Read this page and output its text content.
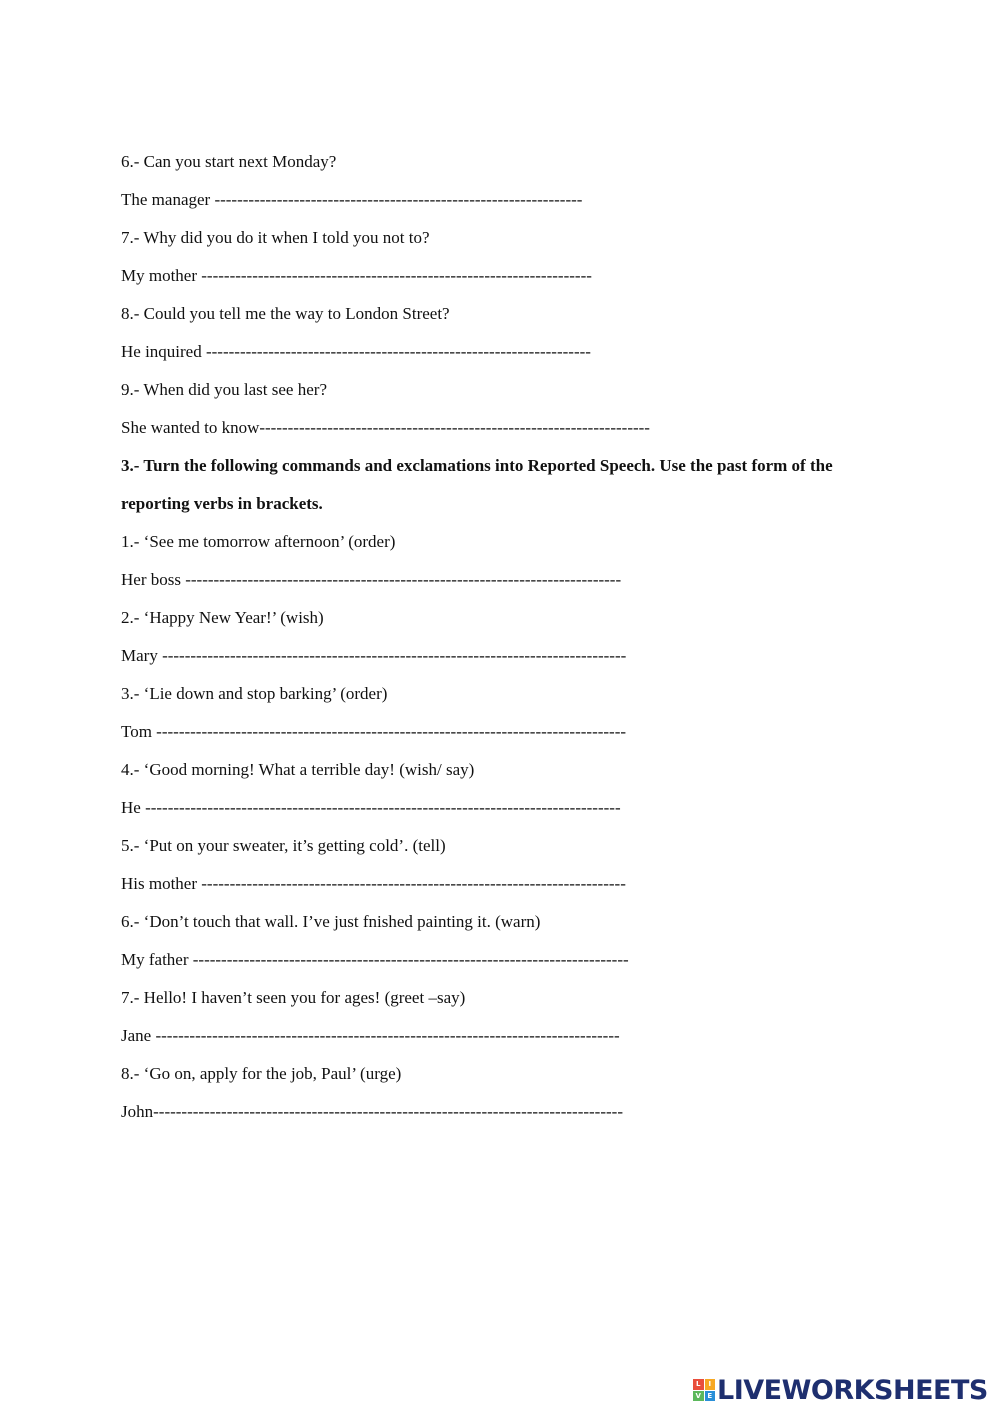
6.- Can you start next Monday?
The manager -----------------------------------------------------------------
7.- Why did you do it when I told you not to?
My mother ---------------------------------------------------------------------
8.- Could you tell me the way to London Street?
He inquired --------------------------------------------------------------------
9.- When did you last see her?
She wanted to know---------------------------------------------------------------------
3.- Turn the following commands and exclamations into Reported Speech. Use the past form of the reporting verbs in brackets.
1.- ‘See me tomorrow afternoon’ (order)
Her boss -----------------------------------------------------------------------------
2.- ‘Happy New Year!’ (wish)
Mary ----------------------------------------------------------------------------------
3.- ‘Lie down and stop barking’ (order)
Tom -----------------------------------------------------------------------------------
4.- ‘Good morning! What a terrible day! (wish/ say)
He ------------------------------------------------------------------------------------
5.- ‘Put on your sweater, it’s getting cold’. (tell)
His mother ---------------------------------------------------------------------------
6.- ‘Don’t touch that wall. I’ve just fnished painting it. (warn)
My father -----------------------------------------------------------------------------
7.- Hello! I haven’t seen you for ages! (greet –say)
Jane ----------------------------------------------------------------------------------
8.- ‘Go on, apply for the job, Paul’ (urge)
John-----------------------------------------------------------------------------------
L	I
V E LIVEWORKSHEETS
